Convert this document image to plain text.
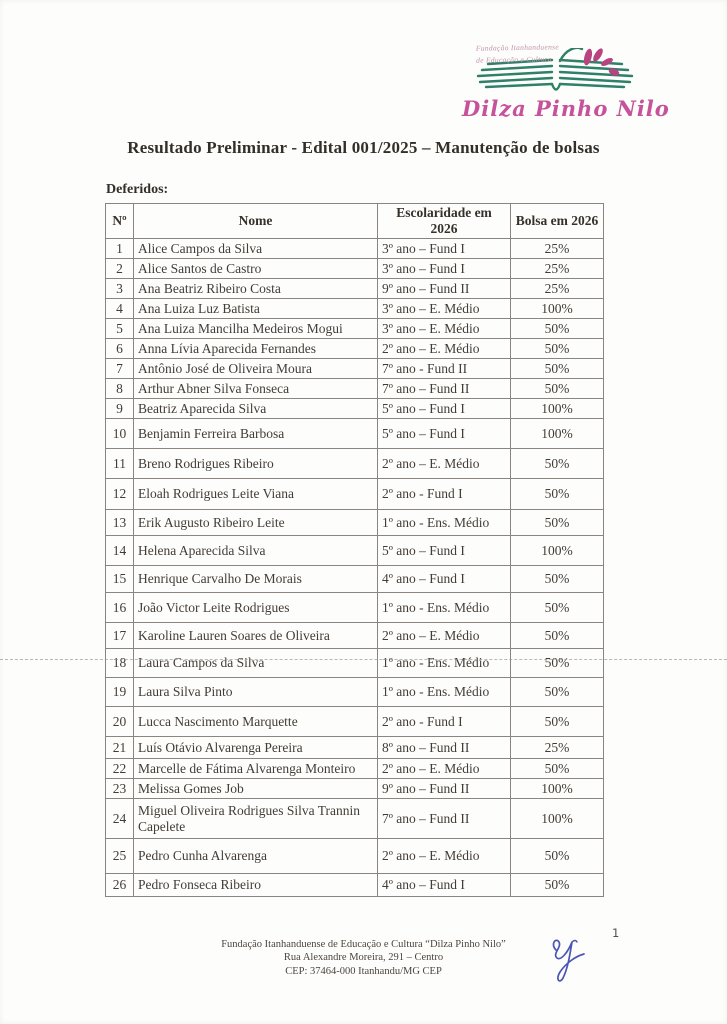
Fundação Itanhanduense
de Educação e Cultura
Dilza Pinho Nilo
Resultado Preliminar - Edital 001/2025 – Manutenção de bolsas
Deferidos:
Nº	Nome	Escolaridade em 2026	Bolsa em 2026
1	Alice Campos da Silva	3º ano – Fund I	25%
2	Alice Santos de Castro	3º ano – Fund I	25%
3	Ana Beatriz Ribeiro Costa	9º ano – Fund II	25%
4	Ana Luiza Luz Batista	3º ano – E. Médio	100%
5	Ana Luiza Mancilha Medeiros Mogui	3º ano – E. Médio	50%
6	Anna Lívia Aparecida Fernandes	2º ano – E. Médio	50%
7	Antônio José de Oliveira Moura	7º ano - Fund II	50%
8	Arthur Abner Silva Fonseca	7º ano – Fund II	50%
9	Beatriz Aparecida Silva	5º ano – Fund I	100%
10	Benjamin Ferreira Barbosa	5º ano – Fund I	100%
11	Breno Rodrigues Ribeiro	2º ano – E. Médio	50%
12	Eloah Rodrigues Leite Viana	2º ano - Fund I	50%
13	Erik Augusto Ribeiro Leite	1º ano - Ens. Médio	50%
14	Helena Aparecida Silva	5º ano – Fund I	100%
15	Henrique Carvalho De Morais	4º ano – Fund I	50%
16	João Victor Leite Rodrigues	1º ano - Ens. Médio	50%
17	Karoline Lauren Soares de Oliveira	2º ano – E. Médio	50%
18	Laura Campos da Silva	1º ano - Ens. Médio	50%
19	Laura Silva Pinto	1º ano - Ens. Médio	50%
20	Lucca Nascimento Marquette	2º ano - Fund I	50%
21	Luís Otávio Alvarenga Pereira	8º ano – Fund II	25%
22	Marcelle de Fátima Alvarenga Monteiro	2º ano – E. Médio	50%
23	Melissa Gomes Job	9º ano – Fund II	100%
24	Miguel Oliveira Rodrigues Silva Trannin Capelete	7º ano – Fund II	100%
25	Pedro Cunha Alvarenga	2º ano – E. Médio	50%
26	Pedro Fonseca Ribeiro	4º ano – Fund I	50%
Fundação Itanhanduense de Educação e Cultura “Dilza Pinho Nilo”
Rua Alexandre Moreira, 291 – Centro
CEP: 37464-000 Itanhandu/MG CEP
1
